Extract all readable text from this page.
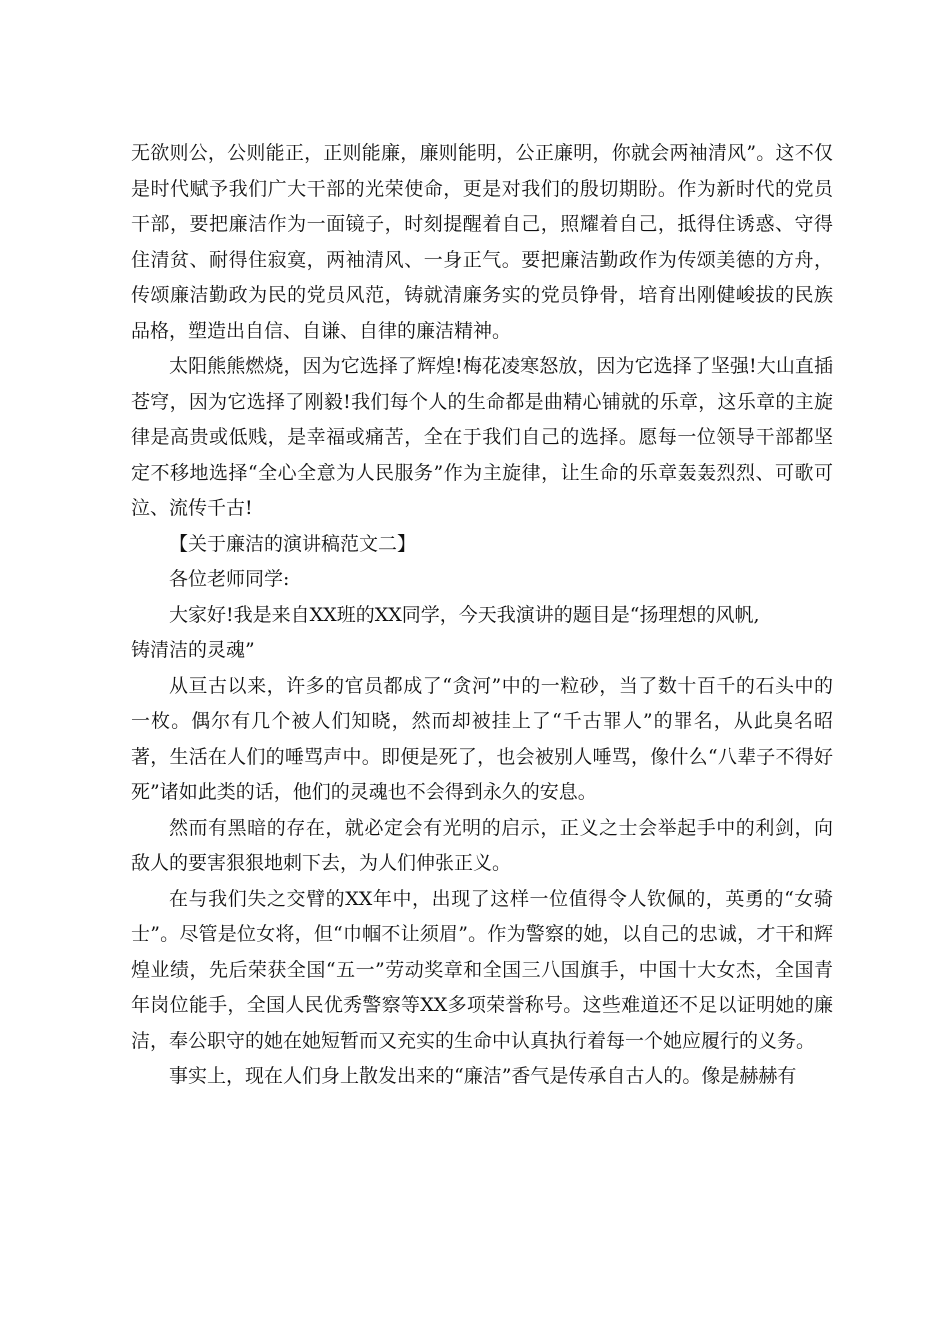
无欲则公，公则能正，正则能廉，廉则能明，公正廉明，你就会两袖清风”。这不仅是时代赋予我们广大干部的光荣使命，更是对我们的殷切期盼。作为新时代的党员干部，要把廉洁作为一面镜子，时刻提醒着自己，照耀着自己，抵得住诱惑、守得住清贫、耐得住寂寞，两袖清风、一身正气。要把廉洁勤政作为传颂美德的方舟，传颂廉洁勤政为民的党员风范，铸就清廉务实的党员铮骨，培育出刚健峻拔的民族品格，塑造出自信、自谦、自律的廉洁精神。

太阳熊熊燃烧，因为它选择了辉煌!梅花凌寒怒放，因为它选择了坚强!大山直插苍穹，因为它选择了刚毅!我们每个人的生命都是曲精心铺就的乐章，这乐章的主旋律是高贵或低贱，是幸福或痛苦，全在于我们自己的选择。愿每一位领导干部都坚定不移地选择“全心全意为人民服务”作为主旋律，让生命的乐章轰轰烈烈、可歌可泣、流传千古!

【关于廉洁的演讲稿范文二】

各位老师同学:

大家好!我是来自XX班的XX同学，今天我演讲的题目是“扬理想的风帆,

铸清洁的灵魂”

从亘古以来，许多的官员都成了“贪河”中的一粒砂，当了数十百千的石头中的一枚。偶尔有几个被人们知晓，然而却被挂上了“千古罪人”的罪名，从此臭名昭著，生活在人们的唾骂声中。即便是死了，也会被别人唾骂，像什么“八辈子不得好死”诸如此类的话，他们的灵魂也不会得到永久的安息。

然而有黑暗的存在，就必定会有光明的启示，正义之士会举起手中的利剑，向敌人的要害狠狠地刺下去，为人们伸张正义。

在与我们失之交臂的XX年中，出现了这样一位值得令人钦佩的，英勇的“女骑士”。尽管是位女将，但“巾帼不让须眉”。作为警察的她，以自己的忠诚，才干和辉煌业绩，先后荣获全国“五一”劳动奖章和全国三八国旗手，中国十大女杰，全国青年岗位能手，全国人民优秀警察等XX多项荣誉称号。这些难道还不足以证明她的廉洁，奉公职守的她在她短暂而又充实的生命中认真执行着每一个她应履行的义务。

事实上，现在人们身上散发出来的“廉洁”香气是传承自古人的。像是赫赫有
